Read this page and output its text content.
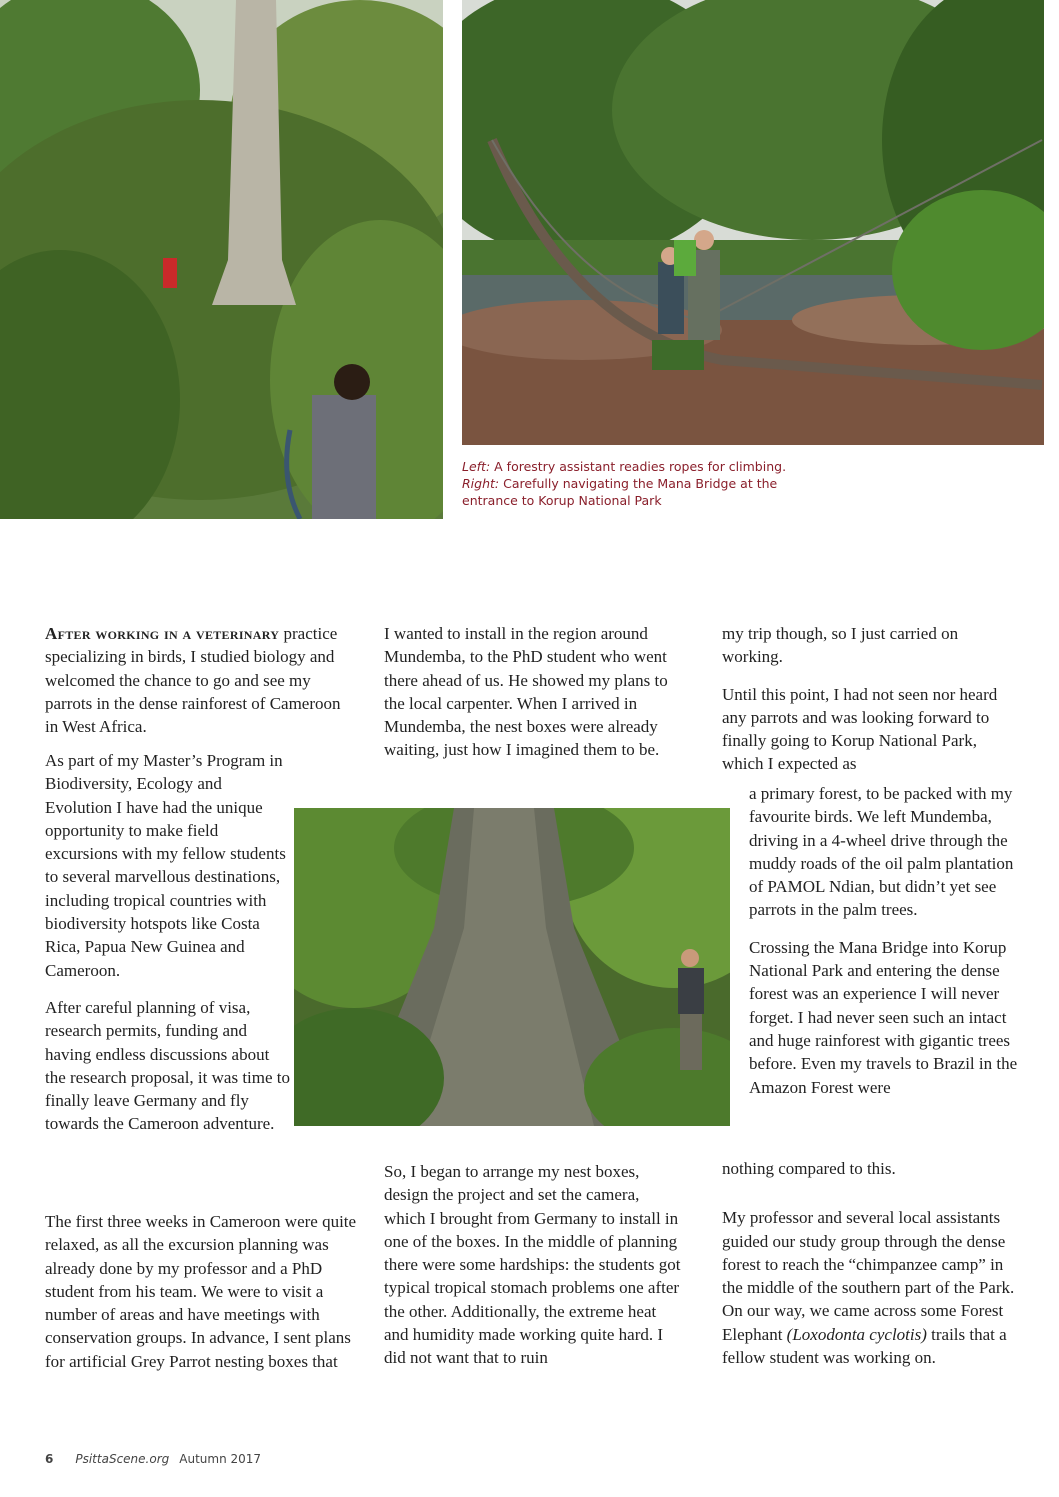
Left: A forestry assistant readies ropes for climbing.
Right: Carefully navigating the Mana Bridge at the entrance to Korup National Park

After working in a veterinary practice specializing in birds, I studied biology and welcomed the chance to go and see my parrots in the dense rainforest of Cameroon in West Africa.

As part of my Master’s Program in Biodiversity, Ecology and Evolution I have had the unique opportunity to make field excursions with my fellow students to several marvellous destinations, including tropical countries with biodiversity hotspots like Costa Rica, Papua New Guinea and Cameroon.

After careful planning of visa, research permits, funding and having endless discussions about the research proposal, it was time to finally leave Germany and fly towards the Cameroon adventure.

The first three weeks in Cameroon were quite relaxed, as all the excursion planning was already done by my professor and a PhD student from his team. We were to visit a number of areas and have meetings with conservation groups. In advance, I sent plans for artificial Grey Parrot nesting boxes that

I wanted to install in the region around Mundemba, to the PhD student who went there ahead of us. He showed my plans to the local carpenter. When I arrived in Mundemba, the nest boxes were already waiting, just how I imagined them to be.

So, I began to arrange my nest boxes, design the project and set the camera, which I brought from Germany to install in one of the boxes. In the middle of planning there were some hardships: the students got typical tropical stomach problems one after the other. Additionally, the extreme heat and humidity made working quite hard. I did not want that to ruin

my trip though, so I just carried on working.

Until this point, I had not seen nor heard any parrots and was looking forward to finally going to Korup National Park, which I expected as

a primary forest, to be packed with my favourite birds. We left Mundemba, driving in a 4-wheel drive through the muddy roads of the oil palm plantation of PAMOL Ndian, but didn’t yet see parrots in the palm trees.

Crossing the Mana Bridge into Korup National Park and entering the dense forest was an experience I will never forget. I had never seen such an intact and huge rainforest with gigantic trees before. Even my travels to Brazil in the Amazon Forest were

nothing compared to this.

My professor and several local assistants guided our study group through the dense forest to reach the “chimpanzee camp” in the middle of the southern part of the Park. On our way, we came across some Forest Elephant (Loxodonta cyclotis) trails that a fellow student was working on.

6 PsittaScene.org Autumn 2017
